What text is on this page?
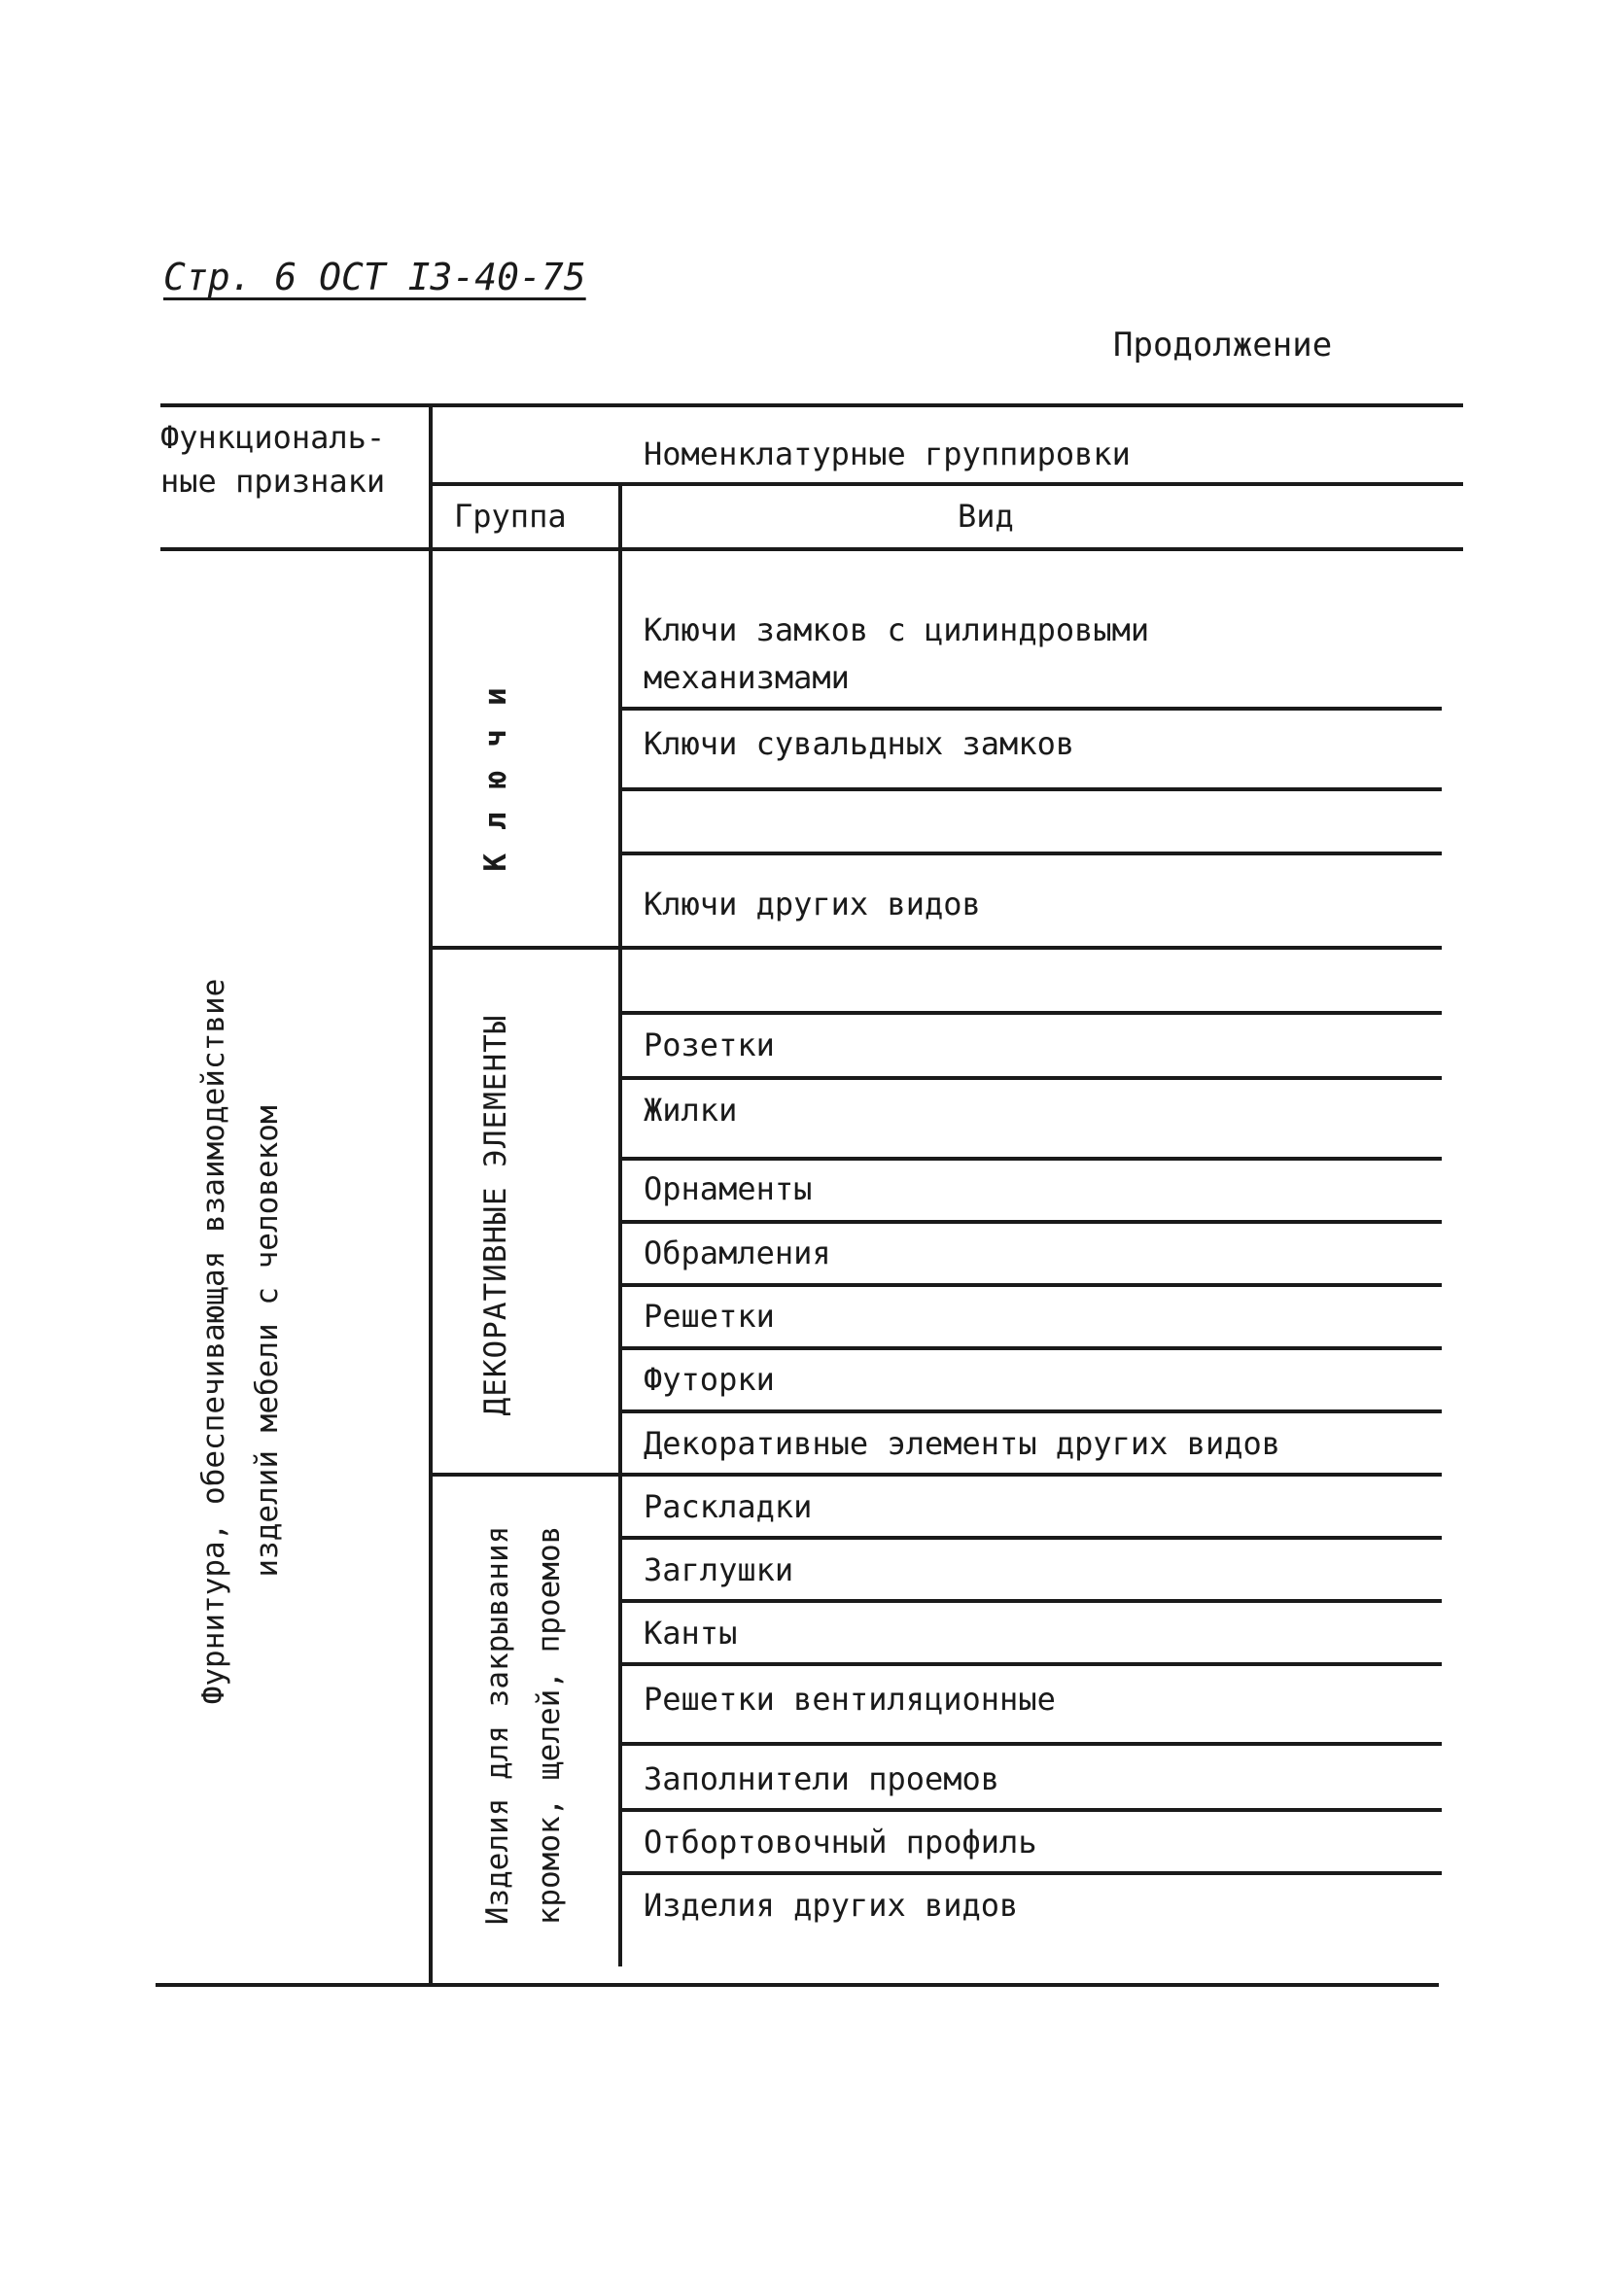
Стр. 6 ОСТ I3-40-75
Продолжение
Функциональ-
ные признаки
Номенклатурные группировки
Группа	Вид
Фурнитура, обеспечивающая взаимодействие изделий мебели с человеком
Ключи
ДЕКОРАТИВНЫЕ ЭЛЕМЕНТЫ
Изделия для закрывания кромок, щелей, проемов
Ключи замков с цилиндровыми
механизмами
Ключи сувальдных замков
Ключи других видов
Розетки
Жилки
Орнаменты
Обрамления
Решетки
Футорки
Декоративные элементы других видов
Раскладки
Заглушки
Канты
Решетки вентиляционные
Заполнители проемов
Отбортовочный профиль
Изделия других видов
